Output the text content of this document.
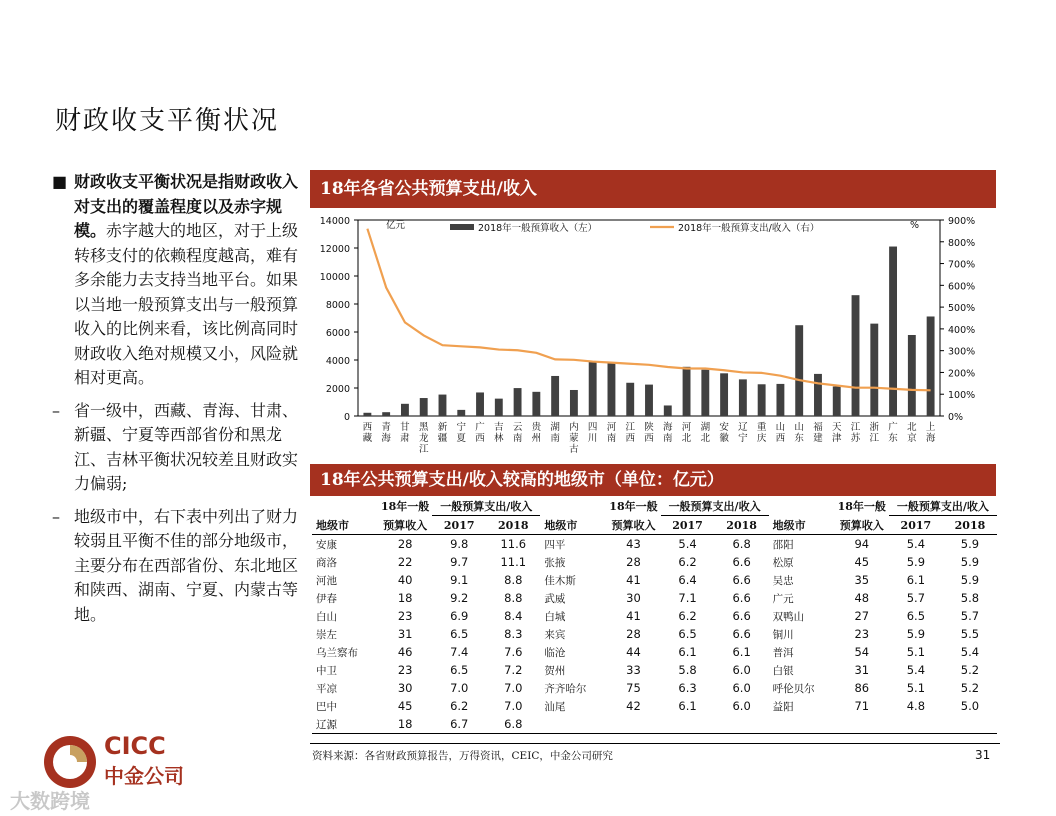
财政收支平衡状况
■ 财政收支平衡状况是指财政收入对支出的覆盖程度以及赤字规模。赤字越大的地区，对于上级转移支付的依赖程度越高，难有多余能力去支持当地平台。如果以当地一般预算支出与一般预算收入的比例来看，该比例高同时财政收入绝对规模又小，风险就相对更高。
– 省一级中，西藏、青海、甘肃、新疆、宁夏等西部省份和黑龙江、吉林平衡状况较差且财政实力偏弱;
– 地级市中，右下表中列出了财力较弱且平衡不佳的部分地级市，主要分布在西部省份、东北地区和陕西、湖南、宁夏、内蒙古等地。
18年各省公共预算支出/收入
0
2000
4000
6000
8000
10000
12000
14000
0%
100%
200%
300%
400%
500%
600%
700%
800%
900%
亿元	%
西藏
青海
甘肃
黑龙江
新疆
宁夏
广西
吉林
云南
贵州
湖南
内蒙古
四川
河南
江西
陕西
海南
河北
湖北
安徽
辽宁
重庆
山西
山东
福建
天津
江苏
浙江
广东
北京
上海
2018年一般预算收入（左）	2018年一般预算支出/收入（右）
18年公共预算支出/收入较高的地级市（单位：亿元）
	18年一般	一般预算支出/收入			18年一般	一般预算支出/收入			18年一般	一般预算支出/收入	
地级市	预算收入	2017	2018	地级市	预算收入	2017	2018	地级市	预算收入	2017	2018
安康	28	9.8	11.6	四平	43	5.4	6.8	邵阳	94	5.4	5.9
商洛	22	9.7	11.1	张掖	28	6.2	6.6	松原	45	5.9	5.9
河池	40	9.1	8.8	佳木斯	41	6.4	6.6	吴忠	35	6.1	5.9
伊春	18	9.2	8.8	武威	30	7.1	6.6	广元	48	5.7	5.8
白山	23	6.9	8.4	白城	41	6.2	6.6	双鸭山	27	6.5	5.7
崇左	31	6.5	8.3	来宾	28	6.5	6.6	铜川	23	5.9	5.5
乌兰察布	46	7.4	7.6	临沧	44	6.1	6.1	普洱	54	5.1	5.4
中卫	23	6.5	7.2	贺州	33	5.8	6.0	白银	31	5.4	5.2
平凉	30	7.0	7.0	齐齐哈尔	75	6.3	6.0	呼伦贝尔	86	5.1	5.2
巴中	45	6.2	7.0	汕尾	42	6.1	6.0	益阳	71	4.8	5.0
辽源	18	6.7	6.8								
资料来源：各省财政预算报告，万得资讯，CEIC，中金公司研究	31
CICC
中金公司
大数跨境
